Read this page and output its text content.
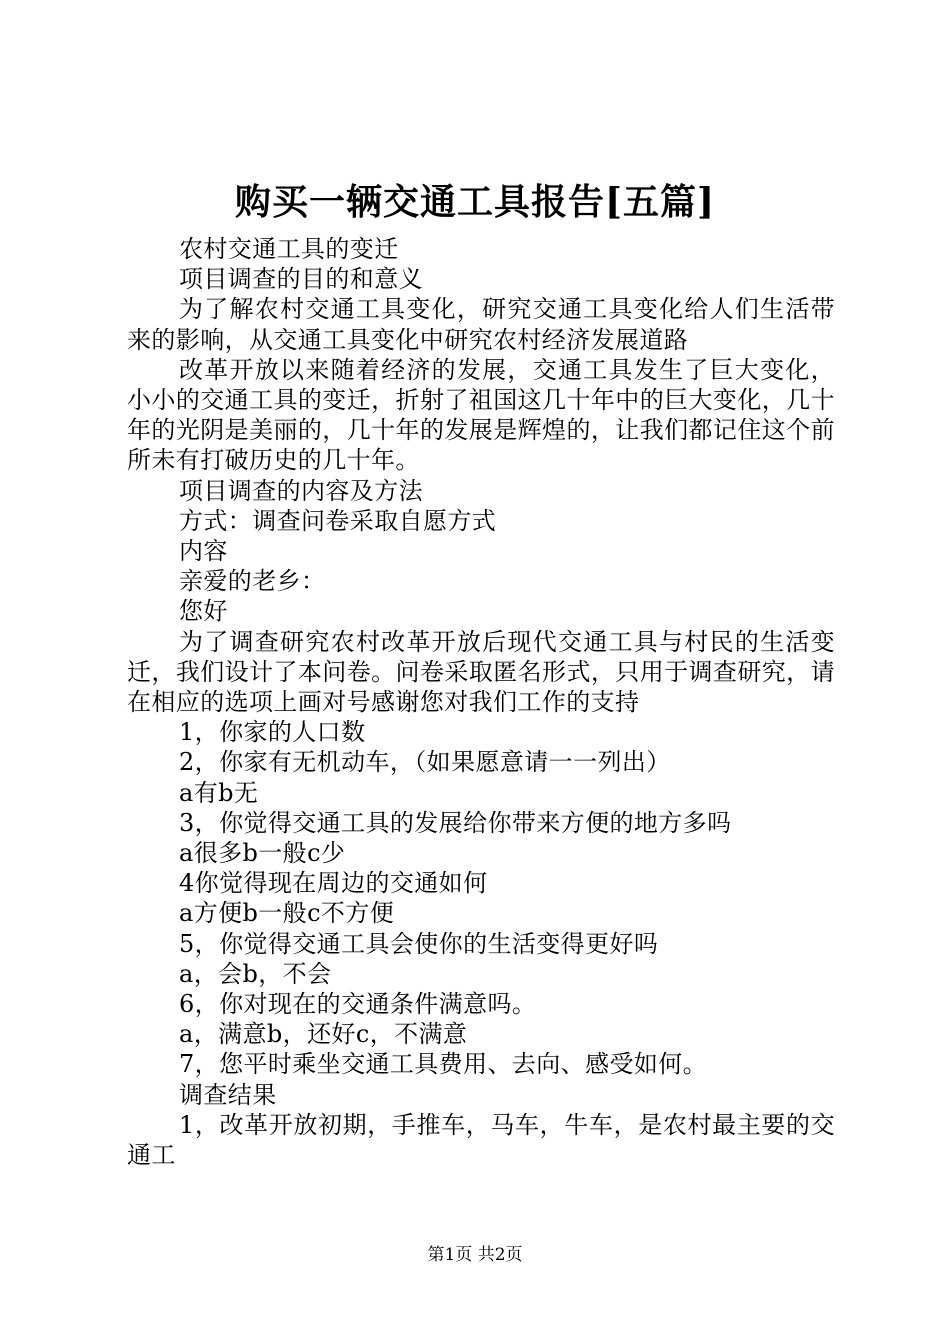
购买一辆交通工具报告[五篇]

农村交通工具的变迁

项目调查的目的和意义

为了解农村交通工具变化，研究交通工具变化给人们生活带来的影响，从交通工具变化中研究农村经济发展道路

改革开放以来随着经济的发展，交通工具发生了巨大变化，小小的交通工具的变迁，折射了祖国这几十年中的巨大变化，几十年的光阴是美丽的，几十年的发展是辉煌的，让我们都记住这个前所未有打破历史的几十年。

项目调查的内容及方法

方式：调查问卷采取自愿方式

内容

亲爱的老乡：

您好

为了调查研究农村改革开放后现代交通工具与村民的生活变迁，我们设计了本问卷。问卷采取匿名形式，只用于调查研究，请在相应的选项上画对号感谢您对我们工作的支持

1，你家的人口数

2，你家有无机动车，（如果愿意请一一列出）

a有b无

3，你觉得交通工具的发展给你带来方便的地方多吗

a很多b一般c少

4你觉得现在周边的交通如何

a方便b一般c不方便

5，你觉得交通工具会使你的生活变得更好吗

a，会b，不会

6，你对现在的交通条件满意吗。

a，满意b，还好c，不满意

7，您平时乘坐交通工具费用、去向、感受如何。

调查结果

1，改革开放初期，手推车，马车，牛车，是农村最主要的交通工

第1页 共2页
